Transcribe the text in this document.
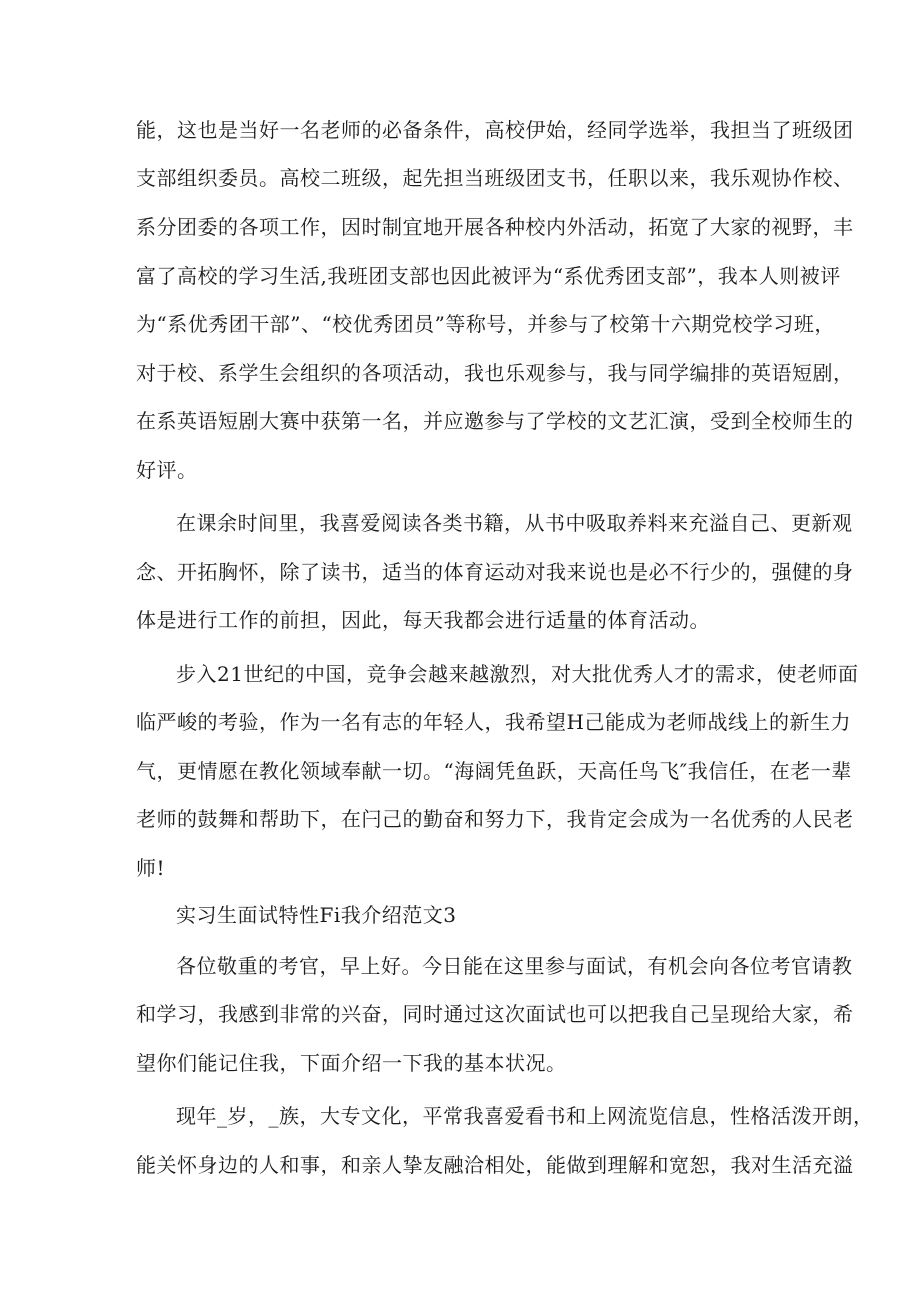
能，这也是当好一名老师的必备条件，高校伊始，经同学选举，我担当了班级团
支部组织委员。高校二班级，起先担当班级团支书，任职以来，我乐观协作校、
系分团委的各项工作，因时制宜地开展各种校内外活动，拓宽了大家的视野，丰
富了高校的学习生活,我班团支部也因此被评为“系优秀团支部”，我本人则被评
为“系优秀团干部”、“校优秀团员”等称号，并参与了校第十六期党校学习班，
对于校、系学生会组织的各项活动，我也乐观参与，我与同学编排的英语短剧，
在系英语短剧大赛中获第一名，并应邀参与了学校的文艺汇演，受到全校师生的
好评。
在课余时间里，我喜爱阅读各类书籍，从书中吸取养料来充溢自己、更新观
念、开拓胸怀，除了读书，适当的体育运动对我来说也是必不行少的，强健的身
体是进行工作的前担，因此，每天我都会进行适量的体育活动。
步入21世纪的中国，竞争会越来越激烈，对大批优秀人才的需求，使老师面
临严峻的考验，作为一名有志的年轻人，我希望H己能成为老师战线上的新生力
气，更情愿在教化领域奉献一切。“海阔凭鱼跃，天高任鸟飞″我信任，在老一辈
老师的鼓舞和帮助下，在闩己的勤奋和努力下，我肯定会成为一名优秀的人民老
师!
实习生面试特性Fi我介绍范文3
各位敬重的考官，早上好。今日能在这里参与面试，有机会向各位考官请教
和学习，我感到非常的兴奋，同时通过这次面试也可以把我自己呈现给大家，希
望你们能记住我，下面介绍一下我的基本状况。
现年_岁，_族，大专文化，平常我喜爱看书和上网流览信息，性格活泼开朗，
能关怀身边的人和事，和亲人挚友融洽相处，能做到理解和宽恕，我对生活充溢
